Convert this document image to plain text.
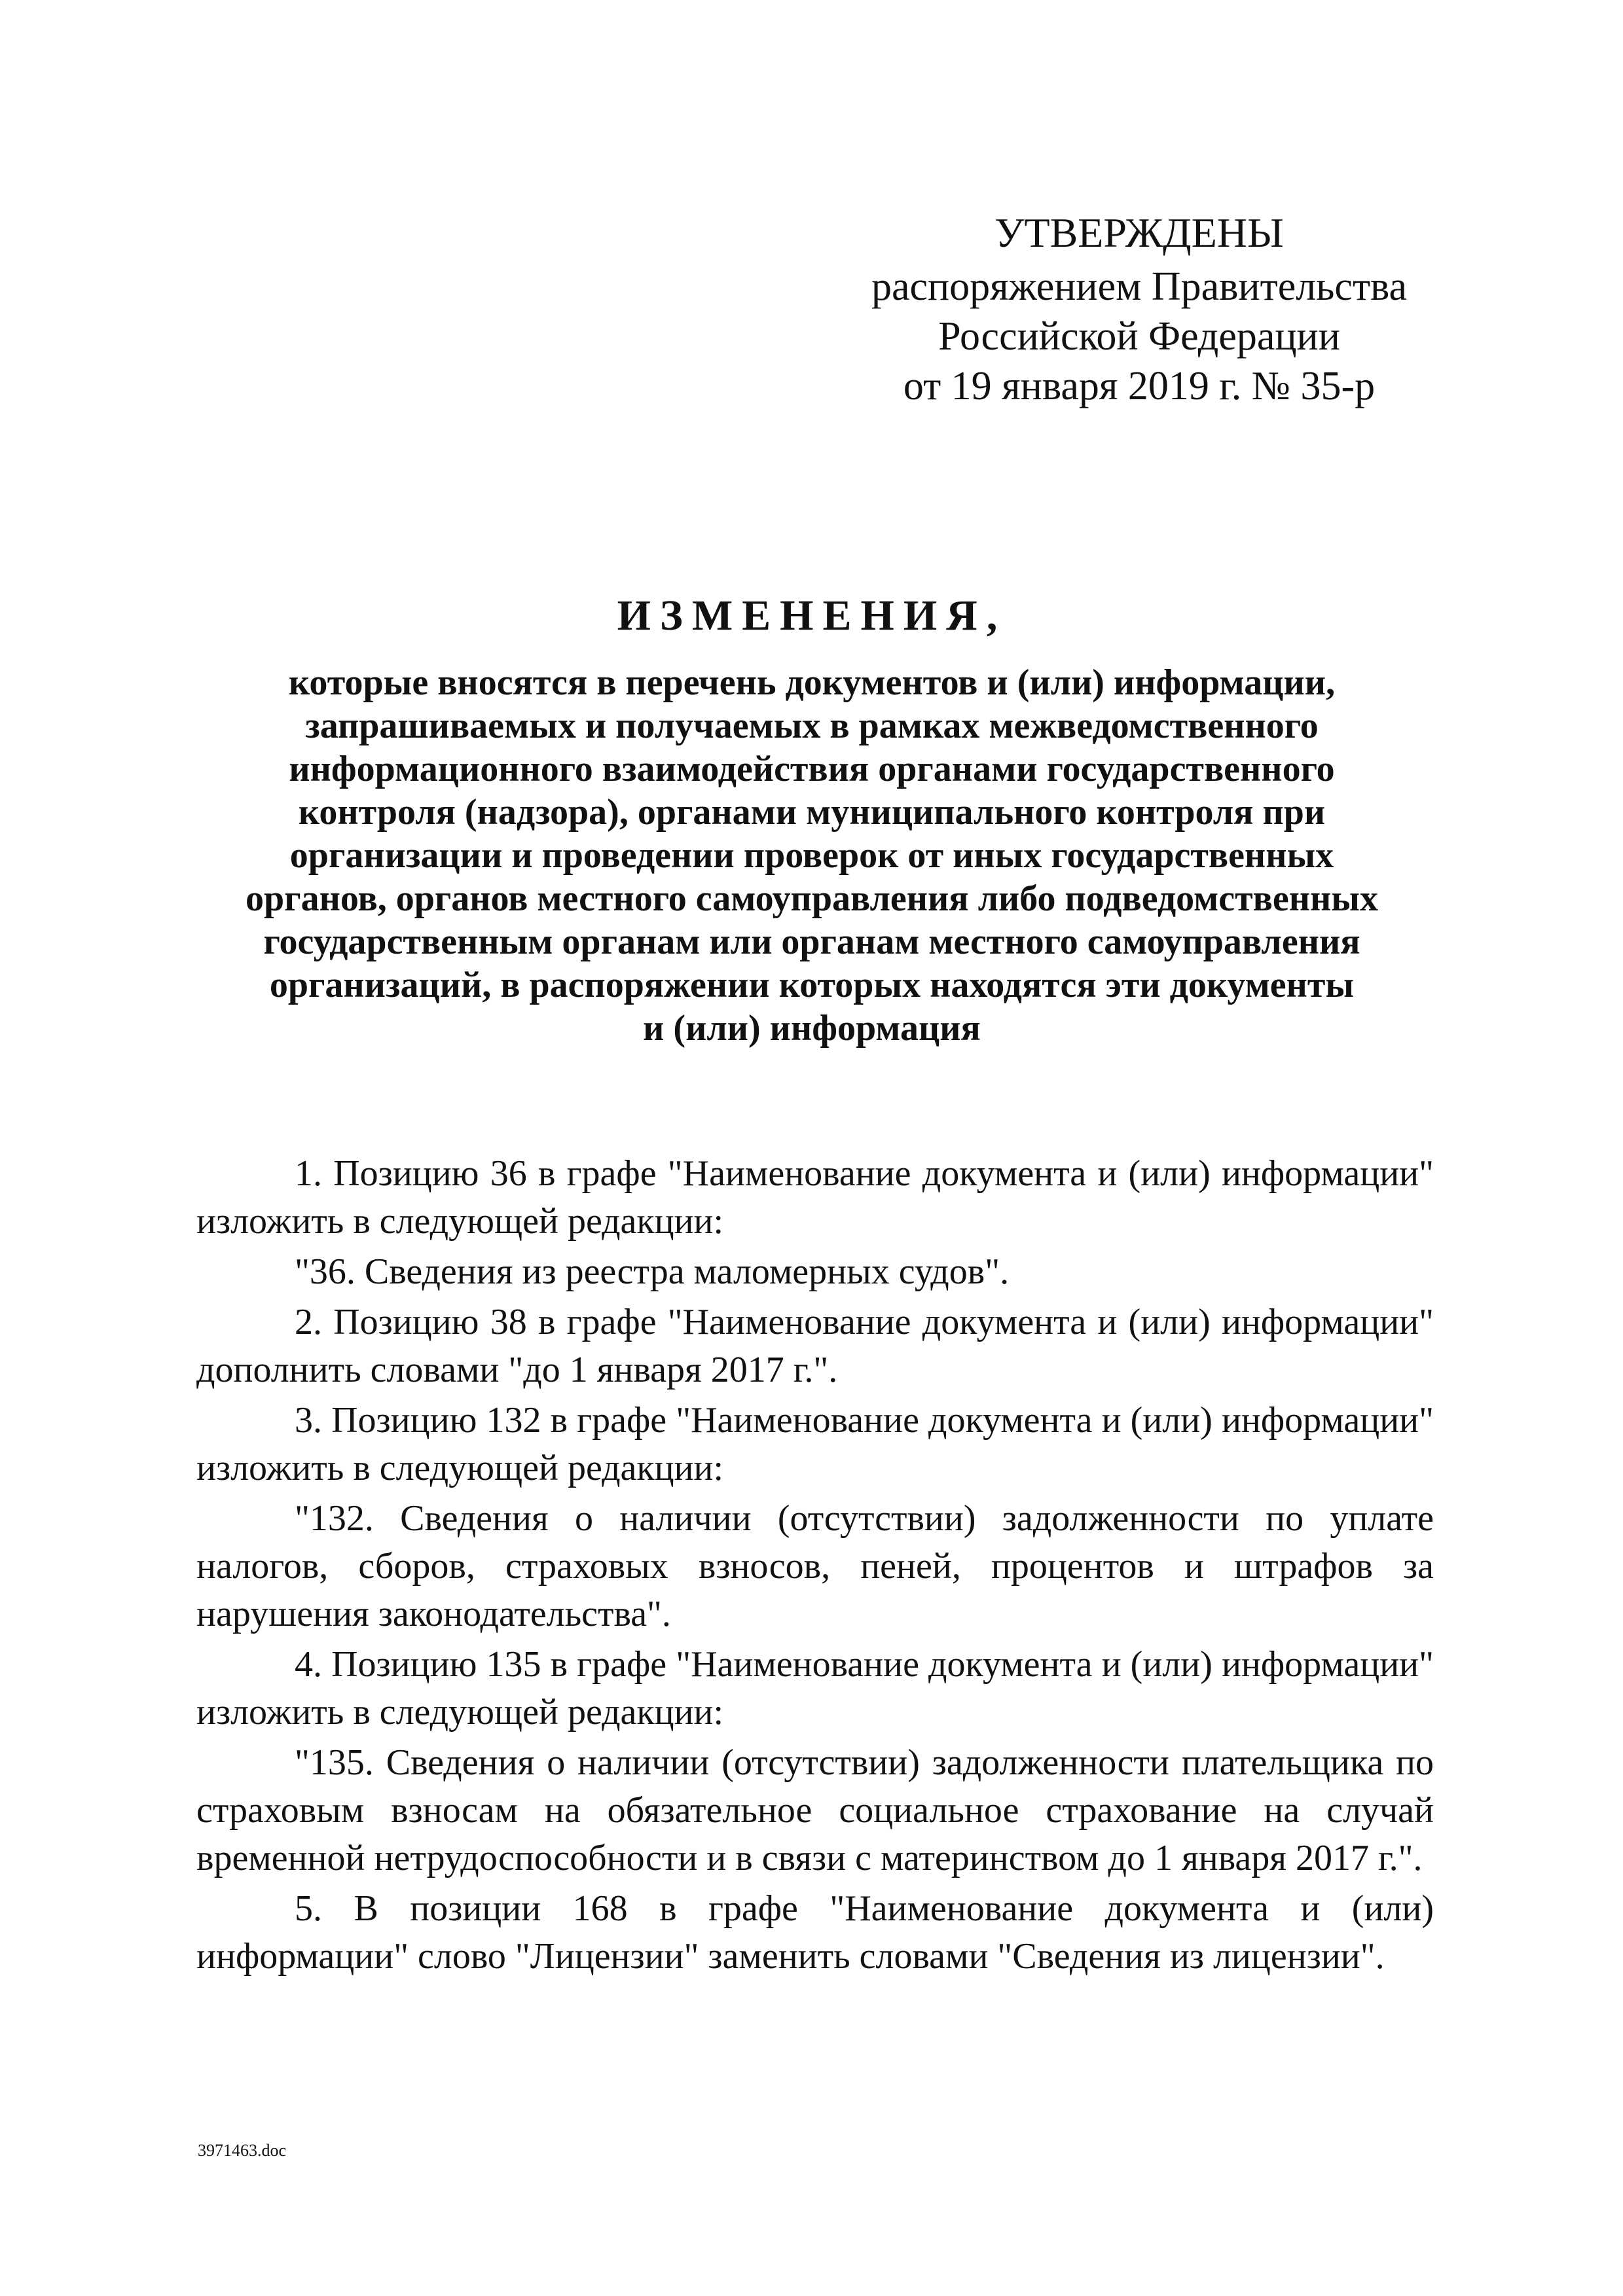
УТВЕРЖДЕНЫ
распоряжением Правительства
Российской Федерации
от 19 января 2019 г. № 35-р
ИЗМЕНЕНИЯ,
которые вносятся в перечень документов и (или) информации,
запрашиваемых и получаемых в рамках межведомственного
информационного взаимодействия органами государственного
контроля (надзора), органами муниципального контроля при
организации и проведении проверок от иных государственных
органов, органов местного самоуправления либо подведомственных
государственным органам или органам местного самоуправления
организаций, в распоряжении которых находятся эти документы
и (или) информация

1. Позицию 36 в графе "Наименование документа и (или) информации" изложить в следующей редакции:

"36. Сведения из реестра маломерных судов".

2. Позицию 38 в графе "Наименование документа и (или) информации" дополнить словами "до 1 января 2017 г.".

3. Позицию 132 в графе "Наименование документа и (или) информации" изложить в следующей редакции:

"132. Сведения о наличии (отсутствии) задолженности по уплате налогов, сборов, страховых взносов, пеней, процентов и штрафов за нарушения законодательства".

4. Позицию 135 в графе "Наименование документа и (или) информации" изложить в следующей редакции:

"135. Сведения о наличии (отсутствии) задолженности плательщика по страховым взносам на обязательное социальное страхование на случай временной нетрудоспособности и в связи с материнством до 1 января 2017 г.".

5. В позиции 168 в графе "Наименование документа и (или) информации" слово "Лицензии" заменить словами "Сведения из лицензии".

3971463.doc
